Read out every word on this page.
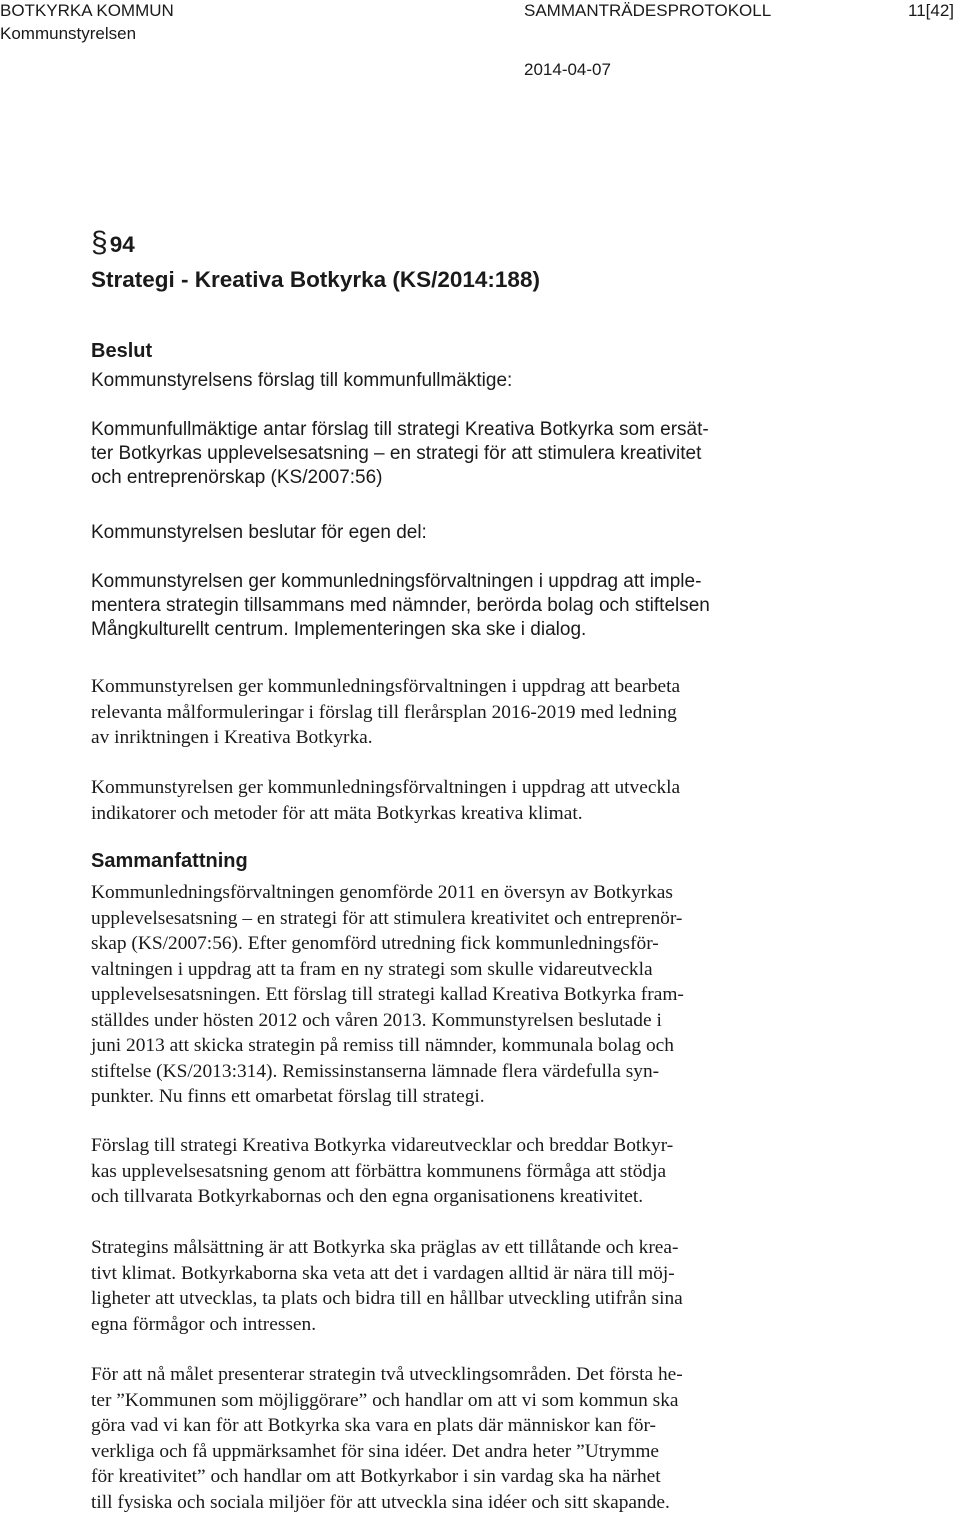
BOTKYRKA KOMMUN	SAMMANTRÄDESPROTOKOLL	11[42]
Kommunstyrelsen
2014-04-07
§94
Strategi - Kreativa Botkyrka (KS/2014:188)
Beslut
Kommunstyrelsens förslag till kommunfullmäktige:
Kommunfullmäktige antar förslag till strategi Kreativa Botkyrka som ersät-
ter Botkyrkas upplevelsesatsning – en strategi för att stimulera kreativitet
och entreprenörskap (KS/2007:56)
Kommunstyrelsen beslutar för egen del:
Kommunstyrelsen ger kommunledningsförvaltningen i uppdrag att imple-
mentera strategin tillsammans med nämnder, berörda bolag och stiftelsen
Mångkulturellt centrum. Implementeringen ska ske i dialog.
Kommunstyrelsen ger kommunledningsförvaltningen i uppdrag att bearbeta
relevanta målformuleringar i förslag till flerårsplan 2016-2019 med ledning
av inriktningen i Kreativa Botkyrka.
Kommunstyrelsen ger kommunledningsförvaltningen i uppdrag att utveckla
indikatorer och metoder för att mäta Botkyrkas kreativa klimat.
Sammanfattning
Kommunledningsförvaltningen genomförde 2011 en översyn av Botkyrkas
upplevelsesatsning – en strategi för att stimulera kreativitet och entreprenör-
skap (KS/2007:56). Efter genomförd utredning fick kommunledningsför-
valtningen i uppdrag att ta fram en ny strategi som skulle vidareutveckla
upplevelsesatsningen. Ett förslag till strategi kallad Kreativa Botkyrka fram-
ställdes under hösten 2012 och våren 2013. Kommunstyrelsen beslutade i
juni 2013 att skicka strategin på remiss till nämnder, kommunala bolag och
stiftelse (KS/2013:314). Remissinstanserna lämnade flera värdefulla syn-
punkter. Nu finns ett omarbetat förslag till strategi.
Förslag till strategi Kreativa Botkyrka vidareutvecklar och breddar Botkyr-
kas upplevelsesatsning genom att förbättra kommunens förmåga att stödja
och tillvarata Botkyrkabornas och den egna organisationens kreativitet.
Strategins målsättning är att Botkyrka ska präglas av ett tillåtande och krea-
tivt klimat. Botkyrkaborna ska veta att det i vardagen alltid är nära till möj-
ligheter att utvecklas, ta plats och bidra till en hållbar utveckling utifrån sina
egna förmågor och intressen.
För att nå målet presenterar strategin två utvecklingsområden. Det första he-
ter ”Kommunen som möjliggörare” och handlar om att vi som kommun ska
göra vad vi kan för att Botkyrka ska vara en plats där människor kan för-
verkliga och få uppmärksamhet för sina idéer. Det andra heter ”Utrymme
för kreativitet” och handlar om att Botkyrkabor i sin vardag ska ha närhet
till fysiska och sociala miljöer för att utveckla sina idéer och sitt skapande.
